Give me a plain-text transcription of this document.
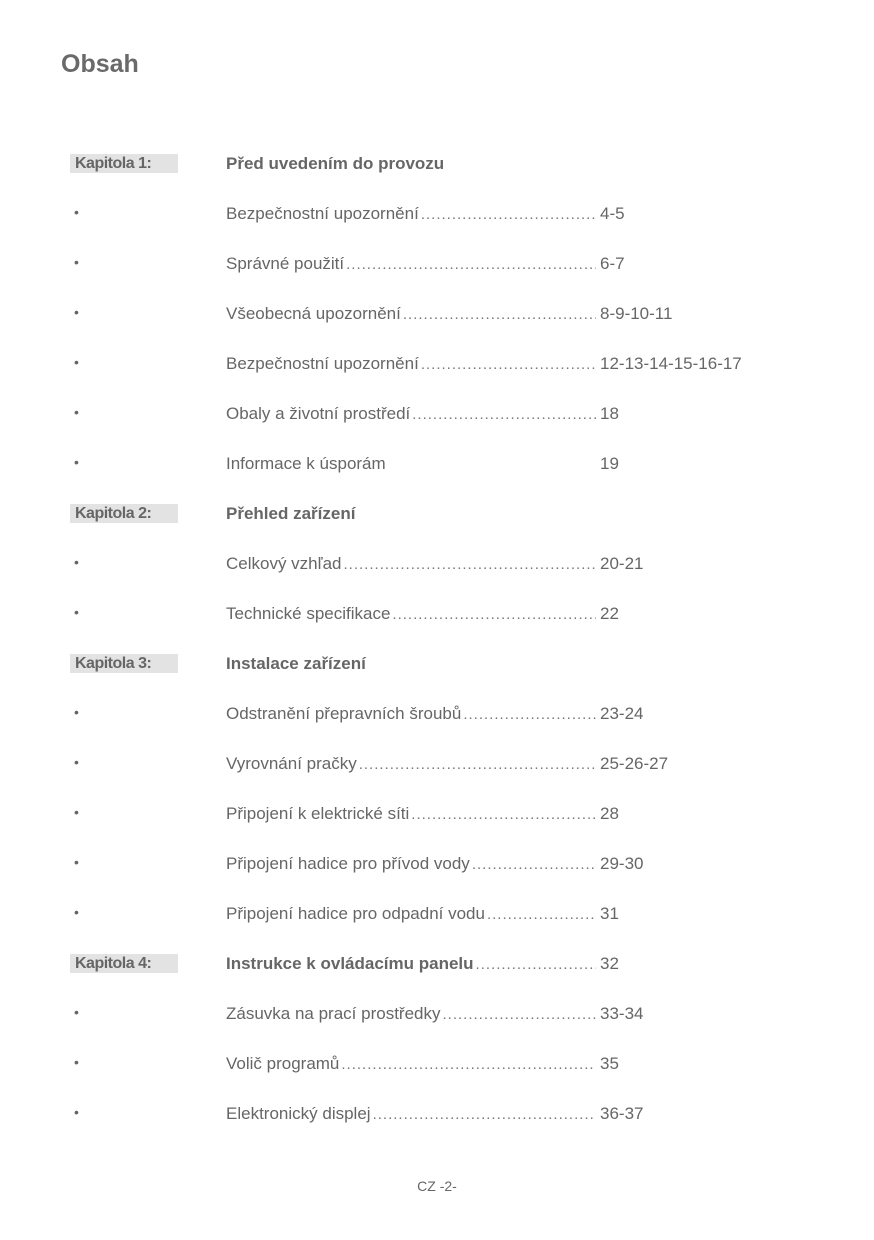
Obsah
Kapitola 1:	Před uvedením do provozu
•	Bezpečnostní upozornění .....	4-5
•	Správné použití .....	6-7
•	Všeobecná upozornění .....	8-9-10-11
•	Bezpečnostní upozornění .....	12-13-14-15-16-17
•	Obaly a životní prostředí .....	18
•	Informace k úsporám	19
Kapitola 2:	Přehled zařízení
•	Celkový vzhľad .....	20-21
•	Technické specifikace .....	22
Kapitola 3:	Instalace zařízení
•	Odstranění přepravních šroubů .....	23-24
•	Vyrovnání pračky .....	25-26-27
•	Připojení k elektrické síti .....	28
•	Připojení hadice pro přívod vody .....	29-30
•	Připojení hadice pro odpadní vodu .....	31
Kapitola 4:	Instrukce k ovládacímu panelu .....	32
•	Zásuvka na prací prostředky .....	33-34
•	Volič programů .....	35
•	Elektronický displej .....	36-37
CZ -2-
